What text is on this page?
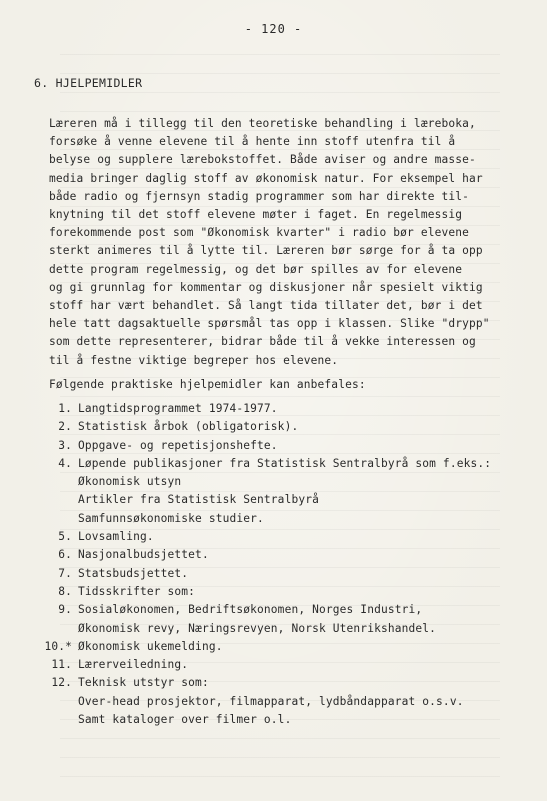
- 120 -
6. HJELPEMIDLER

Læreren må i tillegg til den teoretiske behandling i læreboka,
forsøke å venne elevene til å hente inn stoff utenfra til å
belyse og supplere lærebokstoffet. Både aviser og andre masse-
media bringer daglig stoff av økonomisk natur. For eksempel har
både radio og fjernsyn stadig programmer som har direkte til-
knytning til det stoff elevene møter i faget. En regelmessig
forekommende post som "Økonomisk kvarter" i radio bør elevene
sterkt animeres til å lytte til. Læreren bør sørge for å ta opp
dette program regelmessig, og det bør spilles av for elevene
og gi grunnlag for kommentar og diskusjoner når spesielt viktig
stoff har vært behandlet. Så langt tida tillater det, bør i det
hele tatt dagsaktuelle spørsmål tas opp i klassen. Slike "drypp"
som dette representerer, bidrar både til å vekke interessen og
til å festne viktige begreper hos elevene.

Følgende praktiske hjelpemidler kan anbefales:
1. Langtidsprogrammet 1974-1977.
2. Statistisk årbok (obligatorisk).
3. Oppgave- og repetisjonshefte.
4. Løpende publikasjoner fra Statistisk Sentralbyrå som f.eks.:
Økonomisk utsyn
Artikler fra Statistisk Sentralbyrå
Samfunnsøkonomiske studier.
5. Lovsamling.
6. Nasjonalbudsjettet.
7. Statsbudsjettet.
8. Tidsskrifter som:
9. Sosialøkonomen, Bedriftsøkonomen, Norges Industri,
Økonomisk revy, Næringsrevyen, Norsk Utenrikshandel.
10.* Økonomisk ukemelding.
11. Lærerveiledning.
12. Teknisk utstyr som:
Over-head prosjektor, filmapparat, lydbåndapparat o.s.v.
Samt kataloger over filmer o.l.
